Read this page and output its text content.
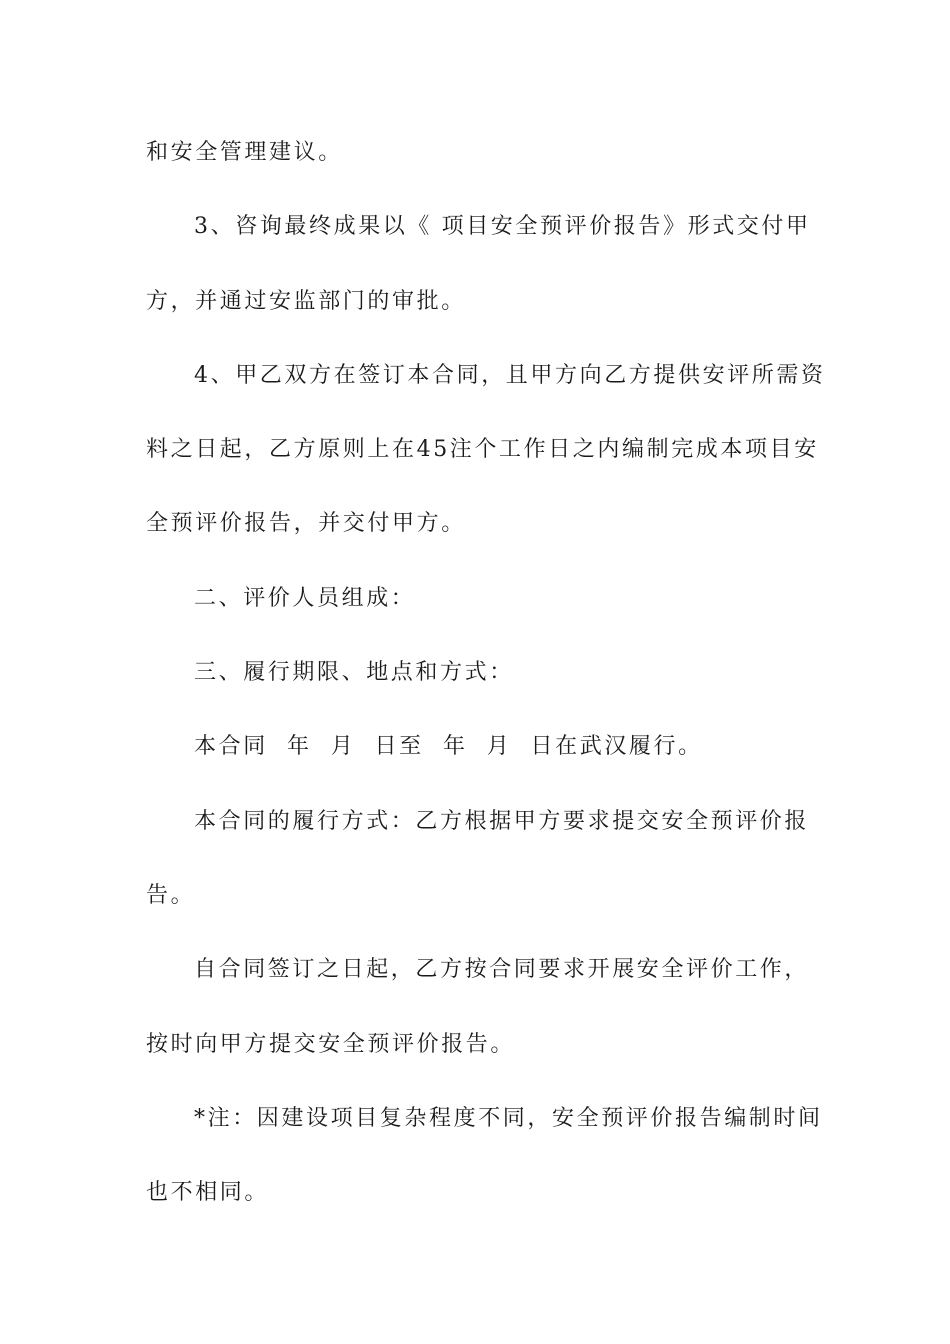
和安全管理建议。
3、咨询最终成果以《 项目安全预评价报告》形式交付甲
方，并通过安监部门的审批。
4、甲乙双方在签订本合同，且甲方向乙方提供安评所需资
料之日起，乙方原则上在45注个工作日之内编制完成本项目安
全预评价报告，并交付甲方。
二、评价人员组成：
三、履行期限、地点和方式：
本合同  年  月  日至  年  月  日在武汉履行。
本合同的履行方式：乙方根据甲方要求提交安全预评价报
告。
自合同签订之日起，乙方按合同要求开展安全评价工作，
按时向甲方提交安全预评价报告。
*注：因建设项目复杂程度不同，安全预评价报告编制时间
也不相同。
